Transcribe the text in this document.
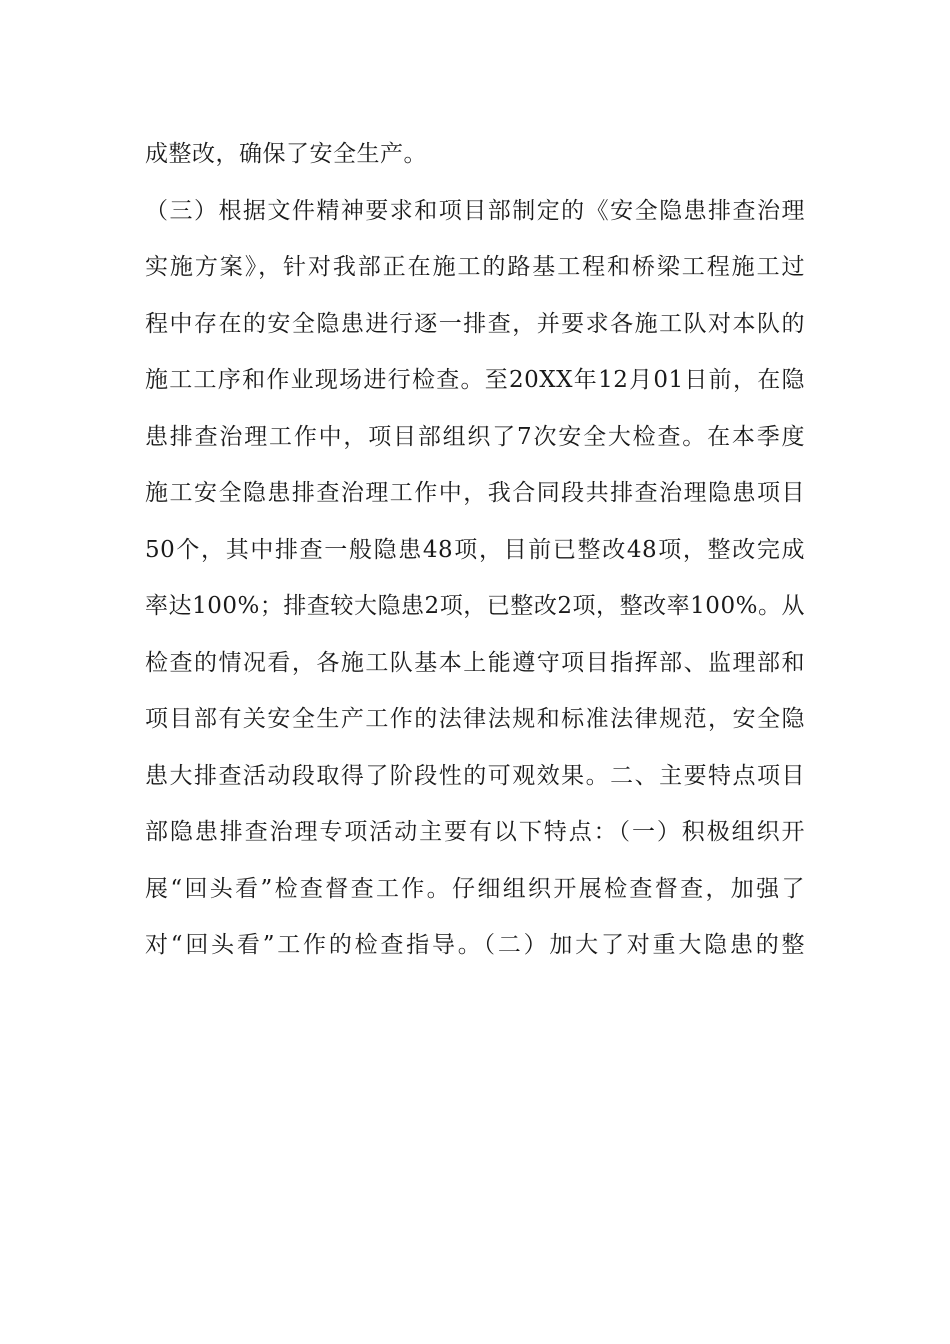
成整改，确保了安全生产。
（三）根据文件精神要求和项目部制定的《安全隐患排查治理
实施方案》，针对我部正在施工的路基工程和桥梁工程施工过
程中存在的安全隐患进行逐一排查，并要求各施工队对本队的
施工工序和作业现场进行检查。至20XX年12月01日前，在隐
患排查治理工作中，项目部组织了7次安全大检查。在本季度
施工安全隐患排查治理工作中，我合同段共排查治理隐患项目
50个，其中排查一般隐患48项，目前已整改48项，整改完成
率达100%；排查较大隐患2项，已整改2项，整改率100%。从
检查的情况看，各施工队基本上能遵守项目指挥部、监理部和
项目部有关安全生产工作的法律法规和标准法律规范，安全隐
患大排查活动段取得了阶段性的可观效果。二、主要特点项目
部隐患排查治理专项活动主要有以下特点：（一）积极组织开
展“回头看”检查督查工作。仔细组织开展检查督查，加强了
对“回头看”工作的检查指导。（二）加大了对重大隐患的整
